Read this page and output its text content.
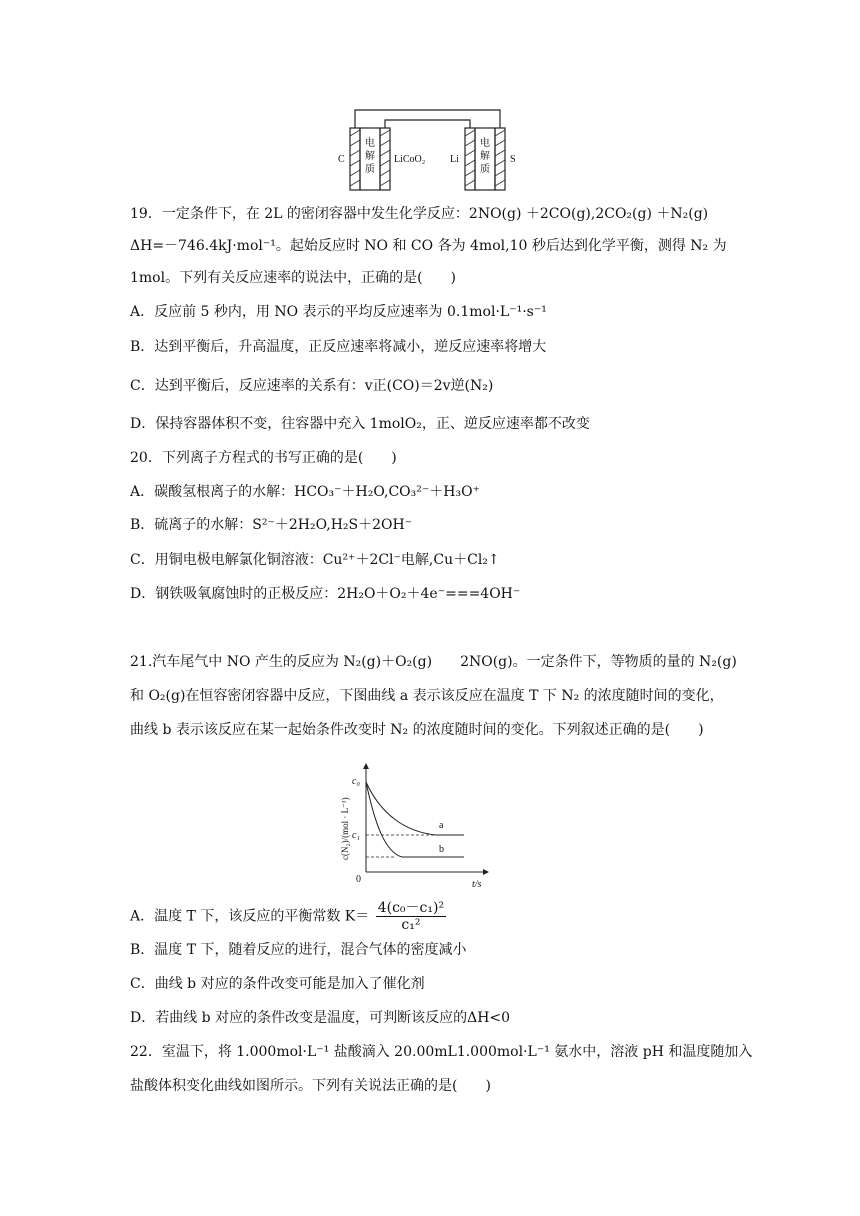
C
电
解
质
LiCoO₂ Li
电
解
质
S
19．一定条件下，在 2L 的密闭容器中发生化学反应：2NO(g) ＋2CO(g),2CO₂(g) ＋N₂(g)
ΔH=－746.4kJ·mol⁻¹。起始反应时 NO 和 CO 各为 4mol,10 秒后达到化学平衡，测得 N₂ 为
1mol。下列有关反应速率的说法中，正确的是(　　)
A．反应前 5 秒内，用 NO 表示的平均反应速率为 0.1mol·L⁻¹·s⁻¹
B．达到平衡后，升高温度，正反应速率将减小，逆反应速率将增大
C．达到平衡后，反应速率的关系有：v正(CO)＝2v逆(N₂)
D．保持容器体积不变，往容器中充入 1molO₂，正、逆反应速率都不改变
20．下列离子方程式的书写正确的是(　　)
A．碳酸氢根离子的水解：HCO₃⁻＋H₂O,CO₃²⁻＋H₃O⁺
B．硫离子的水解：S²⁻＋2H₂O,H₂S＋2OH⁻
C．用铜电极电解氯化铜溶液：Cu²⁺＋2Cl⁻电解,Cu＋Cl₂↑
D．钢铁吸氧腐蚀时的正极反应：2H₂O＋O₂＋4e⁻===4OH⁻
21.汽车尾气中 NO 产生的反应为 N₂(g)＋O₂(g)　　2NO(g)。一定条件下，等物质的量的 N₂(g)
和 O₂(g)在恒容密闭容器中反应，下图曲线 a 表示该反应在温度 T 下 N₂ 的浓度随时间的变化，
曲线 b 表示该反应在某一起始条件改变时 N₂ 的浓度随时间的变化。下列叙述正确的是(　　)
c₀
c₁
0
a
b
t/s
c(N₂)/(mol · L⁻¹)
A．温度 T 下，该反应的平衡常数 $K= \frac{\text{4(c₀－c₁)²}}{\text{c₁²}}$
B．温度 T 下，随着反应的进行，混合气体的密度减小
C．曲线 b 对应的条件改变可能是加入了催化剂
D．若曲线 b 对应的条件改变是温度，可判断该反应的ΔH<0
22．室温下，将 1.000mol·L⁻¹ 盐酸滴入 20.00mL1.000mol·L⁻¹ 氨水中，溶液 pH 和温度随加入
盐酸体积变化曲线如图所示。下列有关说法正确的是(　　)
